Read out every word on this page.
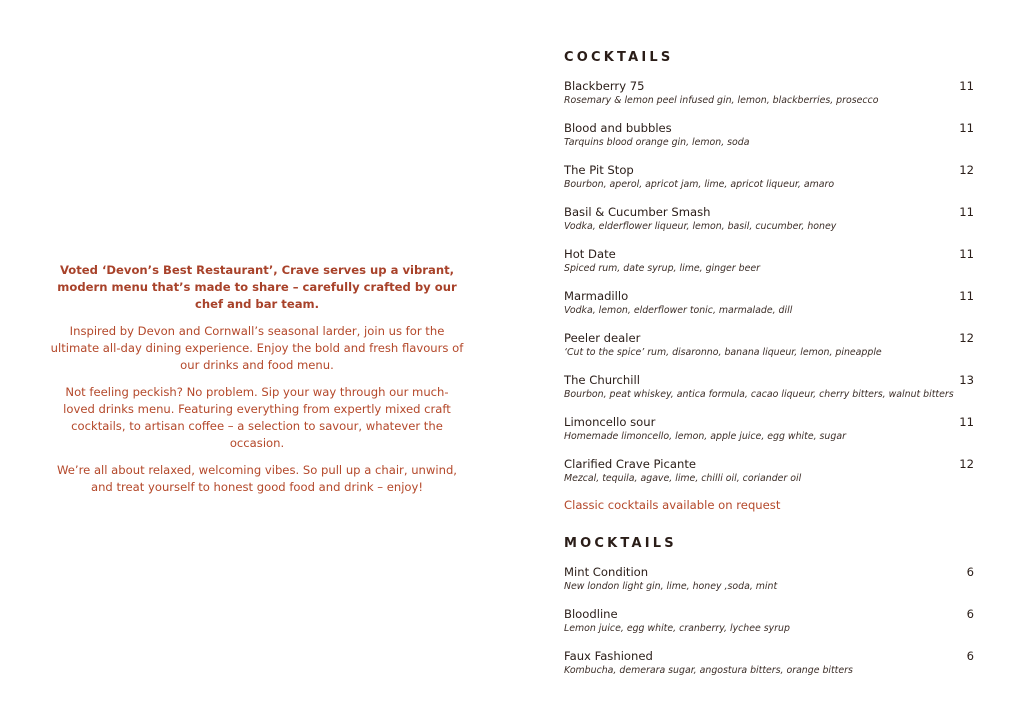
Voted ‘Devon’s Best Restaurant’, Crave serves up a vibrant, modern menu that’s made to share – carefully crafted by our chef and bar team.

Inspired by Devon and Cornwall’s seasonal larder, join us for the ultimate all-day dining experience. Enjoy the bold and fresh flavours of our drinks and food menu.

Not feeling peckish? No problem. Sip your way through our much-loved drinks menu. Featuring everything from expertly mixed craft cocktails, to artisan coffee – a selection to savour, whatever the occasion.

We’re all about relaxed, welcoming vibes. So pull up a chair, unwind, and treat yourself to honest good food and drink – enjoy!

COCKTAILS
Blackberry 75	11
Rosemary & lemon peel infused gin, lemon, blackberries, prosecco
Blood and bubbles	11
Tarquins blood orange gin, lemon, soda
The Pit Stop	12
Bourbon, aperol, apricot jam, lime, apricot liqueur, amaro
Basil & Cucumber Smash	11
Vodka, elderflower liqueur, lemon, basil, cucumber, honey
Hot Date	11
Spiced rum, date syrup, lime, ginger beer
Marmadillo	11
Vodka, lemon, elderflower tonic, marmalade, dill
Peeler dealer	12
‘Cut to the spice’ rum, disaronno, banana liqueur, lemon, pineapple
The Churchill	13
Bourbon, peat whiskey, antica formula, cacao liqueur, cherry bitters, walnut bitters
Limoncello sour	11
Homemade limoncello, lemon, apple juice, egg white, sugar
Clarified Crave Picante	12
Mezcal, tequila, agave, lime, chilli oil, coriander oil
Classic cocktails available on request
MOCKTAILS
Mint Condition	6
New london light gin, lime, honey ,soda, mint
Bloodline	6
Lemon juice, egg white, cranberry, lychee syrup
Faux Fashioned	6
Kombucha, demerara sugar, angostura bitters, orange bitters
